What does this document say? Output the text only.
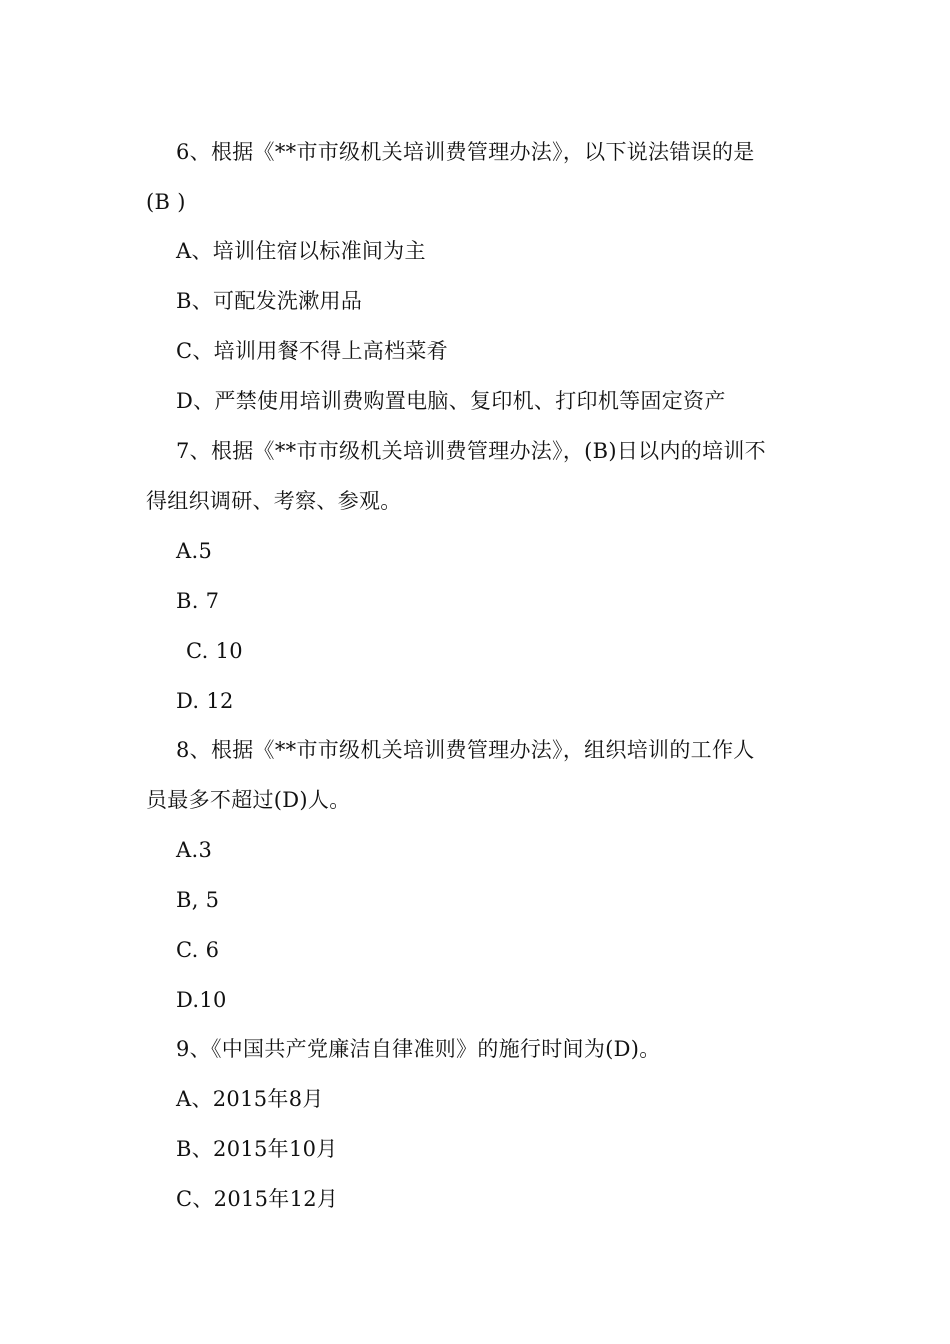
6、根据《**市市级机关培训费管理办法》，以下说法错误的是
(B )
A、培训住宿以标准间为主
B、可配发洗漱用品
C、培训用餐不得上高档菜肴
D、严禁使用培训费购置电脑、复印机、打印机等固定资产
7、根据《**市市级机关培训费管理办法》，(B)日以内的培训不
得组织调研、考察、参观。
A.5
B. 7
C. 10
D. 12
8、根据《**市市级机关培训费管理办法》，组织培训的工作人
员最多不超过(D)人。
A.3
B, 5
C. 6
D.10
9、《中国共产党廉洁自律准则》的施行时间为(D)。
A、2015年8月
B、2015年10月
C、2015年12月
